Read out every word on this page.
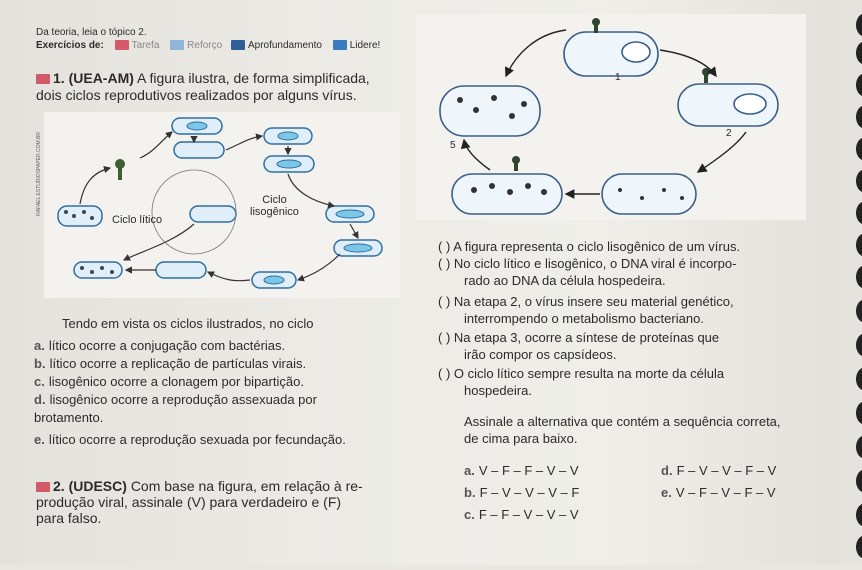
Da teoria, leia o tópico 2.
Exercícios de:	Tarefa	Reforço	Aprofundamento	Lidere!
1. (UEA-AM) A figura ilustra, de forma simplificada,
dois ciclos reprodutivos realizados por alguns vírus.
RAFAEL ESTUDIOSPAPER.COM.BR
Ciclo lítico
Ciclo
lisogênico
Tendo em vista os ciclos ilustrados, no ciclo
a. lítico ocorre a conjugação com bactérias.
b. lítico ocorre a replicação de partículas virais.
c. lisogênico ocorre a clonagem por bipartição.
d. lisogênico ocorre a reprodução assexuada por
brotamento.
e. lítico ocorre a reprodução sexuada por fecundação.
2. (UDESC) Com base na figura, em relação à re-
produção viral, assinale (V) para verdadeiro e (F)
para falso.
1
2
5
( ) A figura representa o ciclo lisogênico de um vírus.
( ) No ciclo lítico e lisogênico, o DNA viral é incorpo-
rado ao DNA da célula hospedeira.
( ) Na etapa 2, o vírus insere seu material genético,
interrompendo o metabolismo bacteriano.
( ) Na etapa 3, ocorre a síntese de proteínas que
irão compor os capsídeos.
( ) O ciclo lítico sempre resulta na morte da célula
hospedeira.
Assinale a alternativa que contém a sequência correta,
de cima para baixo.
a. V – F – F – V – V
b. F – V – V – V – F
c. F – F – V – V – V
d. F – V – V – F – V
e. V – F – V – F – V
